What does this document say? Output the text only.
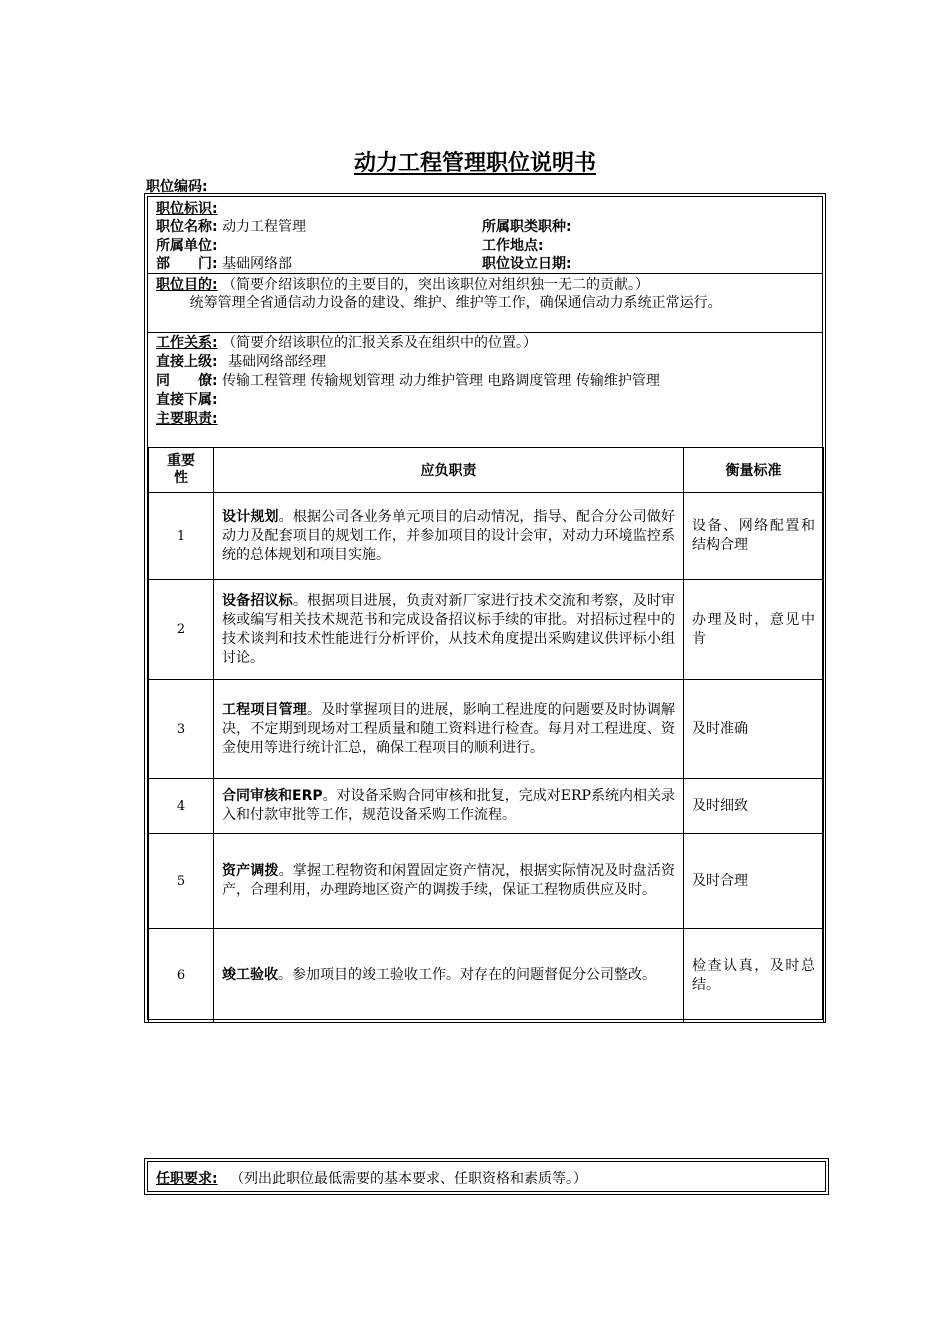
动力工程管理职位说明书
职位编码:
职位标识:
职位名称: 动力工程管理	所属职类职种:
所属单位:	工作地点:
部　　门: 基础网络部	职位设立日期:
职位目的: （简要介绍该职位的主要目的，突出该职位对组织独一无二的贡献。）
统筹管理全省通信动力设备的建设、维护、维护等工作，确保通信动力系统正常运行。
工作关系: （简要介绍该职位的汇报关系及在组织中的位置。）
直接上级: 基础网络部经理
同　　僚: 传输工程管理 传输规划管理 动力维护管理 电路调度管理 传输维护管理
直接下属:
主要职责:
重要性	应负职责	衡量标准
1	设计规划。根据公司各业务单元项目的启动情况，指导、配合分公司做好动力及配套项目的规划工作，并参加项目的设计会审，对动力环境监控系统的总体规划和项目实施。	设备、网络配置和结构合理
2	设备招议标。根据项目进展，负责对新厂家进行技术交流和考察，及时审核或编写相关技术规范书和完成设备招议标手续的审批。对招标过程中的技术谈判和技术性能进行分析评价，从技术角度提出采购建议供评标小组讨论。	办理及时，意见中肯
3	工程项目管理。及时掌握项目的进展，影响工程进度的问题要及时协调解决，不定期到现场对工程质量和随工资料进行检查。每月对工程进度、资金使用等进行统计汇总，确保工程项目的顺利进行。	及时准确
4	合同审核和ERP。对设备采购合同审核和批复，完成对ERP系统内相关录入和付款审批等工作，规范设备采购工作流程。	及时细致
5	资产调拨。掌握工程物资和闲置固定资产情况，根据实际情况及时盘活资产，合理利用，办理跨地区资产的调拨手续，保证工程物质供应及时。	及时合理
6	竣工验收。参加项目的竣工验收工作。对存在的问题督促分公司整改。	检查认真，及时总结。
任职要求: （列出此职位最低需要的基本要求、任职资格和素质等。）
